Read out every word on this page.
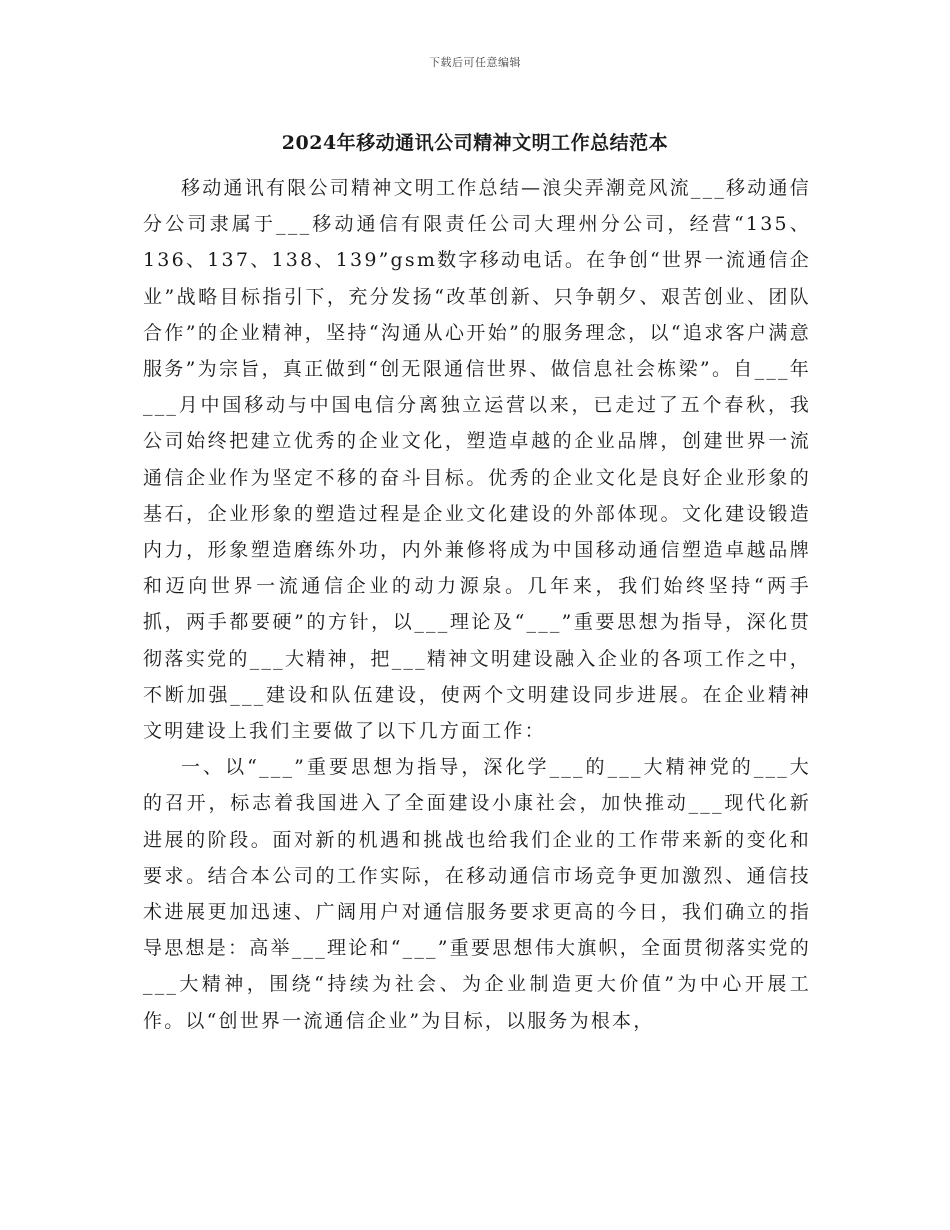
下载后可任意编辑
2024年移动通讯公司精神文明工作总结范本

移动通讯有限公司精神文明工作总结—浪尖弄潮竞风流___移动通信分公司隶属于___移动通信有限责任公司大理州分公司，经营“135、136、137、138、139”gsm数字移动电话。在争创“世界一流通信企业”战略目标指引下，充分发扬“改革创新、只争朝夕、艰苦创业、团队合作”的企业精神，坚持“沟通从心开始”的服务理念，以“追求客户满意服务”为宗旨，真正做到“创无限通信世界、做信息社会栋梁”。自___年___月中国移动与中国电信分离独立运营以来，已走过了五个春秋，我公司始终把建立优秀的企业文化，塑造卓越的企业品牌，创建世界一流通信企业作为坚定不移的奋斗目标。优秀的企业文化是良好企业形象的基石，企业形象的塑造过程是企业文化建设的外部体现。文化建设锻造内力，形象塑造磨练外功，内外兼修将成为中国移动通信塑造卓越品牌和迈向世界一流通信企业的动力源泉。几年来，我们始终坚持“两手抓，两手都要硬”的方针，以___理论及“___”重要思想为指导，深化贯彻落实党的___大精神，把___精神文明建设融入企业的各项工作之中，不断加强___建设和队伍建设，使两个文明建设同步进展。在企业精神文明建设上我们主要做了以下几方面工作：

一、以“___”重要思想为指导，深化学___的___大精神党的___大的召开，标志着我国进入了全面建设小康社会，加快推动___现代化新进展的阶段。面对新的机遇和挑战也给我们企业的工作带来新的变化和要求。结合本公司的工作实际，在移动通信市场竞争更加激烈、通信技术进展更加迅速、广阔用户对通信服务要求更高的今日，我们确立的指导思想是：高举___理论和“___”重要思想伟大旗帜，全面贯彻落实党的___大精神，围绕“持续为社会、为企业制造更大价值”为中心开展工作。以“创世界一流通信企业”为目标，以服务为根本，
